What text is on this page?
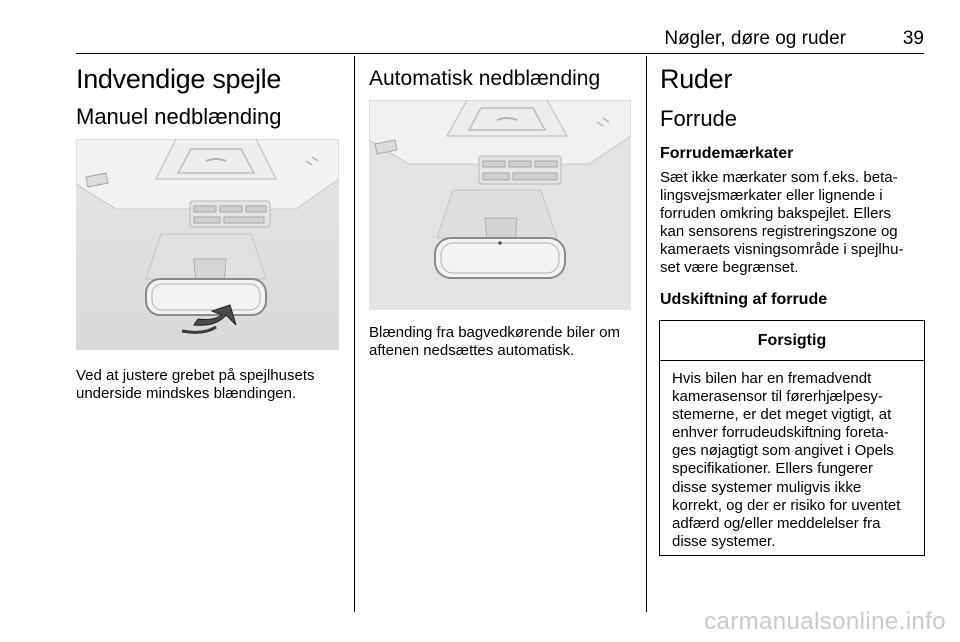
Nøgler, døre og ruder	39
Indvendige spejle
Manuel nedblænding

Ved at justere grebet på spejlhusets

underside mindskes blændingen.

Automatisk nedblænding

Blænding fra bagvedkørende biler om

aftenen nedsættes automatisk.

Ruder
Forrude
Forrudemærkater

Sæt ikke mærkater som f.eks. beta-

lingsvejsmærkater eller lignende i

forruden omkring bakspejlet. Ellers

kan sensorens registreringszone og

kameraets visningsområde i spejlhu-

set være begrænset.

Udskiftning af forrude
Forsigtig

Hvis bilen har en fremadvendt

kamerasensor til førerhjælpesy-

stemerne, er det meget vigtigt, at

enhver forrudeudskiftning foreta-

ges nøjagtigt som angivet i Opels

specifikationer. Ellers fungerer

disse systemer muligvis ikke

korrekt, og der er risiko for uventet

adfærd og/eller meddelelser fra

disse systemer.

carmanualsonline.info
